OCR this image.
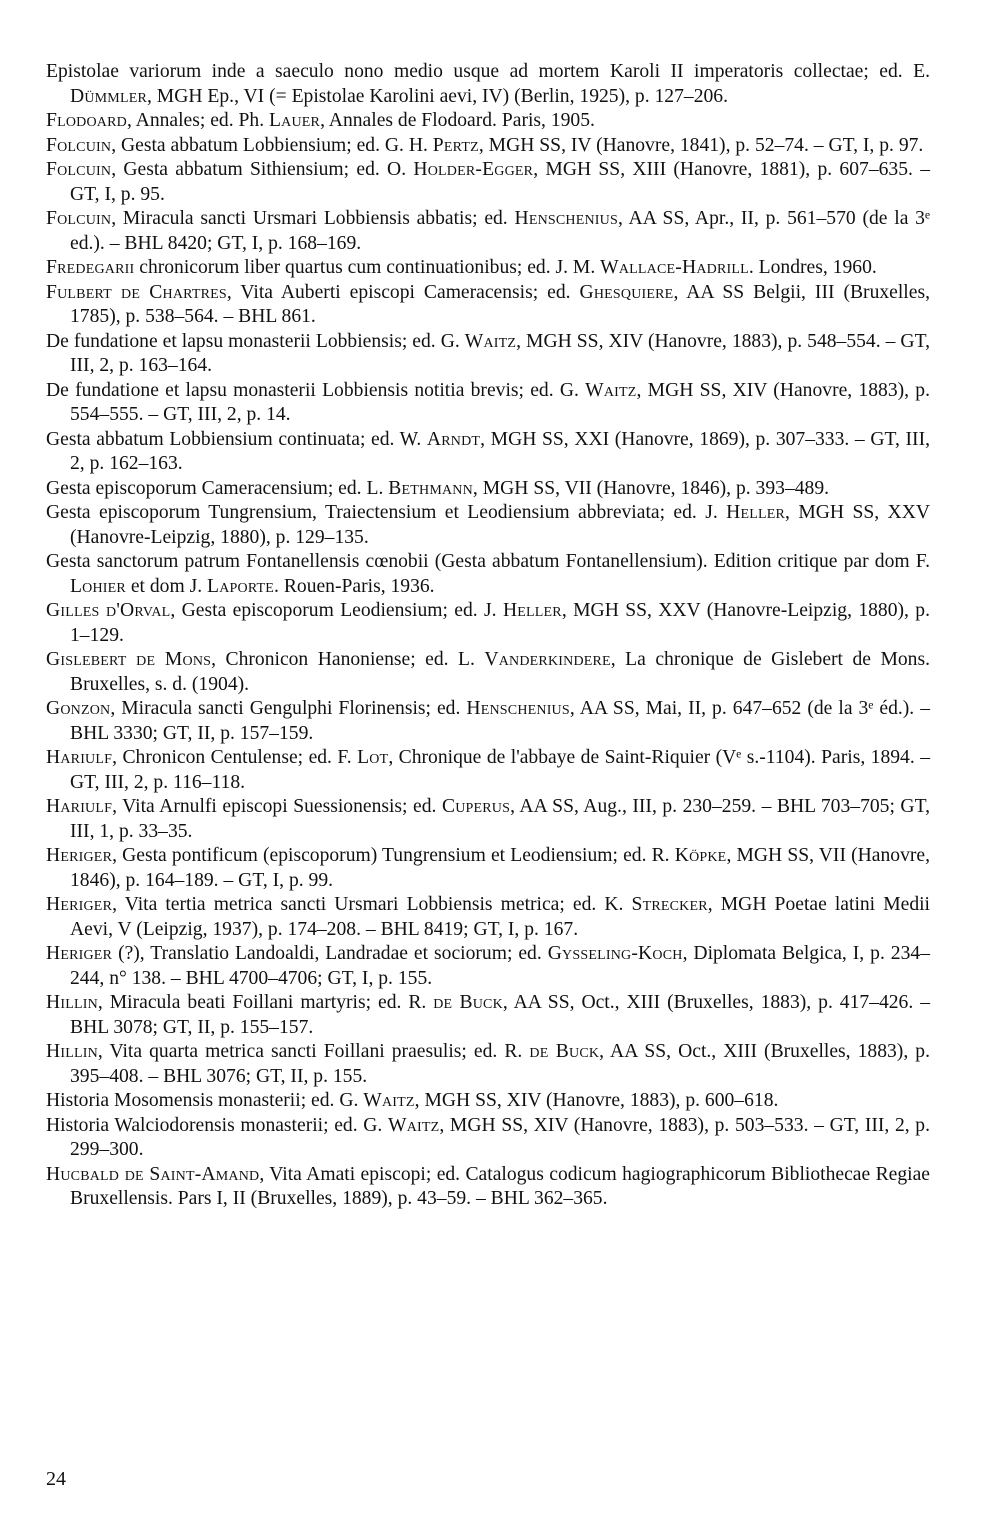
Epistolae variorum inde a saeculo nono medio usque ad mortem Karoli II imperatoris collectae; ed. E. Dümmler, MGH Ep., VI (= Epistolae Karolini aevi, IV) (Berlin, 1925), p. 127–206.

Flodoard, Annales; ed. Ph. Lauer, Annales de Flodoard. Paris, 1905.

Folcuin, Gesta abbatum Lobbiensium; ed. G. H. Pertz, MGH SS, IV (Hanovre, 1841), p. 52–74. – GT, I, p. 97.

Folcuin, Gesta abbatum Sithiensium; ed. O. Holder-Egger, MGH SS, XIII (Hanovre, 1881), p. 607–635. – GT, I, p. 95.

Folcuin, Miracula sancti Ursmari Lobbiensis abbatis; ed. Henschenius, AA SS, Apr., II, p. 561–570 (de la 3ᵉ ed.). – BHL 8420; GT, I, p. 168–169.

Fredegarii chronicorum liber quartus cum continuationibus; ed. J. M. Wallace-Hadrill. Londres, 1960.

Fulbert de Chartres, Vita Auberti episcopi Cameracensis; ed. Ghesquiere, AA SS Belgii, III (Bruxelles, 1785), p. 538–564. – BHL 861.

De fundatione et lapsu monasterii Lobbiensis; ed. G. Waitz, MGH SS, XIV (Hanovre, 1883), p. 548–554. – GT, III, 2, p. 163–164.

De fundatione et lapsu monasterii Lobbiensis notitia brevis; ed. G. Waitz, MGH SS, XIV (Hanovre, 1883), p. 554–555. – GT, III, 2, p. 14.

Gesta abbatum Lobbiensium continuata; ed. W. Arndt, MGH SS, XXI (Hanovre, 1869), p. 307–333. – GT, III, 2, p. 162–163.

Gesta episcoporum Cameracensium; ed. L. Bethmann, MGH SS, VII (Hanovre, 1846), p. 393–489.

Gesta episcoporum Tungrensium, Traiectensium et Leodiensium abbreviata; ed. J. Heller, MGH SS, XXV (Hanovre-Leipzig, 1880), p. 129–135.

Gesta sanctorum patrum Fontanellensis cœnobii (Gesta abbatum Fontanellensium). Edition critique par dom F. Lohier et dom J. Laporte. Rouen-Paris, 1936.

Gilles d'Orval, Gesta episcoporum Leodiensium; ed. J. Heller, MGH SS, XXV (Hanovre-Leipzig, 1880), p. 1–129.

Gislebert de Mons, Chronicon Hanoniense; ed. L. Vanderkindere, La chronique de Gislebert de Mons. Bruxelles, s. d. (1904).

Gonzon, Miracula sancti Gengulphi Florinensis; ed. Henschenius, AA SS, Mai, II, p. 647–652 (de la 3ᵉ éd.). – BHL 3330; GT, II, p. 157–159.

Hariulf, Chronicon Centulense; ed. F. Lot, Chronique de l'abbaye de Saint-Riquier (Vᵉ s.-1104). Paris, 1894. – GT, III, 2, p. 116–118.

Hariulf, Vita Arnulfi episcopi Suessionensis; ed. Cuperus, AA SS, Aug., III, p. 230–259. – BHL 703–705; GT, III, 1, p. 33–35.

Heriger, Gesta pontificum (episcoporum) Tungrensium et Leodiensium; ed. R. Köpke, MGH SS, VII (Hanovre, 1846), p. 164–189. – GT, I, p. 99.

Heriger, Vita tertia metrica sancti Ursmari Lobbiensis metrica; ed. K. Strecker, MGH Poetae latini Medii Aevi, V (Leipzig, 1937), p. 174–208. – BHL 8419; GT, I, p. 167.

Heriger (?), Translatio Landoaldi, Landradae et sociorum; ed. Gysseling-Koch, Diplomata Belgica, I, p. 234–244, n° 138. – BHL 4700–4706; GT, I, p. 155.

Hillin, Miracula beati Foillani martyris; ed. R. de Buck, AA SS, Oct., XIII (Bruxelles, 1883), p. 417–426. – BHL 3078; GT, II, p. 155–157.

Hillin, Vita quarta metrica sancti Foillani praesulis; ed. R. de Buck, AA SS, Oct., XIII (Bruxelles, 1883), p. 395–408. – BHL 3076; GT, II, p. 155.

Historia Mosomensis monasterii; ed. G. Waitz, MGH SS, XIV (Hanovre, 1883), p. 600–618.

Historia Walciodorensis monasterii; ed. G. Waitz, MGH SS, XIV (Hanovre, 1883), p. 503–533. – GT, III, 2, p. 299–300.

Hucbald de Saint-Amand, Vita Amati episcopi; ed. Catalogus codicum hagiographicorum Bibliothecae Regiae Bruxellensis. Pars I, II (Bruxelles, 1889), p. 43–59. – BHL 362–365.

24
